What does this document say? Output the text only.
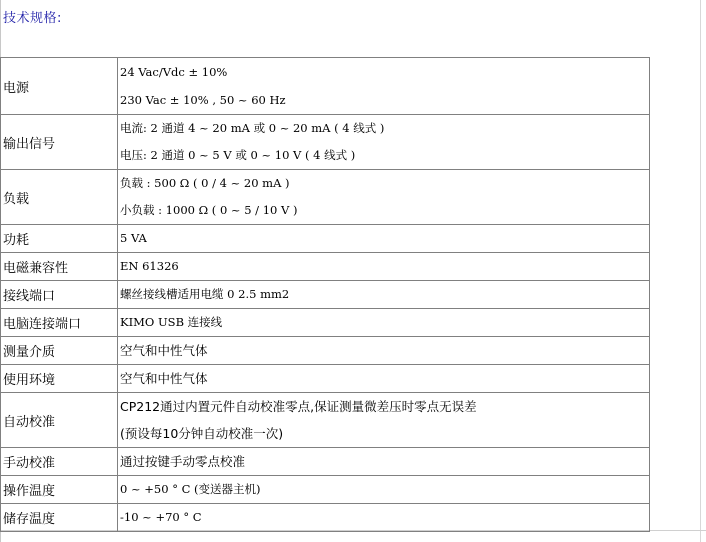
技术规格:
电源	24 Vac/Vdc ± 10%
230 Vac ± 10% , 50 ~ 60 Hz

输出信号	电流: 2 通道 4 ~ 20 mA 或 0 ~ 20 mA ( 4 线式 )
电压: 2 通道 0 ~ 5 V 或 0 ~ 10 V ( 4 线式 )

负载	负载 : 500 Ω ( 0 / 4 ~ 20 mA )
小负载 : 1000 Ω ( 0 ~ 5 / 10 V )

功耗	5 VA

电磁兼容性	EN 61326

接线端口	螺丝接线槽适用电缆 0 2.5 mm2

电脑连接端口	KIMO USB 连接线

测量介质	空气和中性气体

使用环境	空气和中性气体

自动校准	CP212通过内置元件自动校准零点,保证测量微差压时零点无误差
(预设每10分钟自动校准一次)

手动校准	通过按键手动零点校准

操作温度	0 ~ +50 ° C (变送器主机)

储存温度	-10 ~ +70 ° C
